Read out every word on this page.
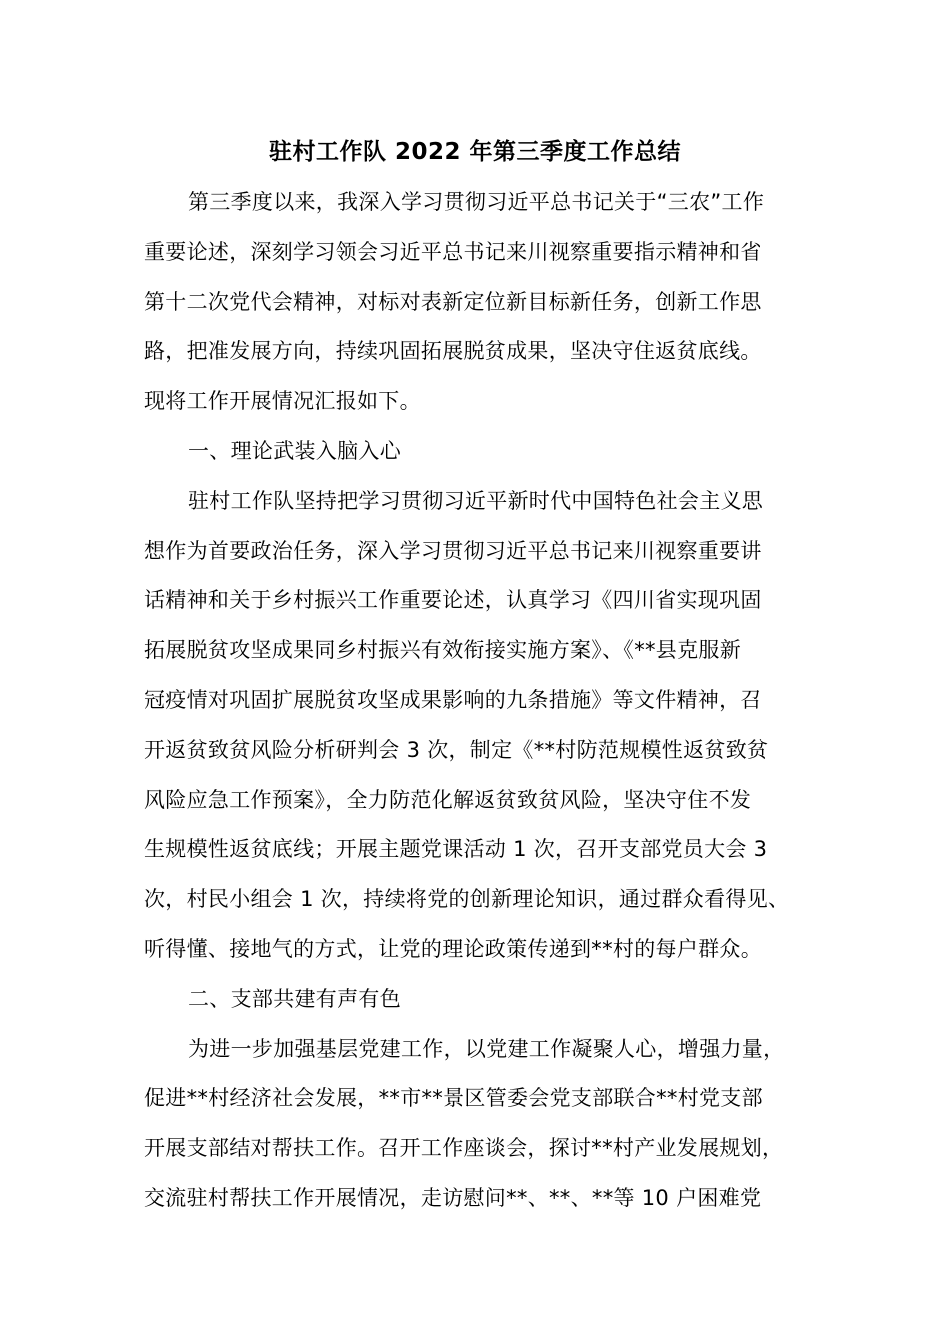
驻村工作队 2022 年第三季度工作总结
第三季度以来，我深入学习贯彻习近平总书记关于“三农”工作
重要论述，深刻学习领会习近平总书记来川视察重要指示精神和省
第十二次党代会精神，对标对表新定位新目标新任务，创新工作思
路，把准发展方向，持续巩固拓展脱贫成果，坚决守住返贫底线。
现将工作开展情况汇报如下。
一、理论武装入脑入心
驻村工作队坚持把学习贯彻习近平新时代中国特色社会主义思
想作为首要政治任务，深入学习贯彻习近平总书记来川视察重要讲
话精神和关于乡村振兴工作重要论述，认真学习《四川省实现巩固
拓展脱贫攻坚成果同乡村振兴有效衔接实施方案》、《**县克服新
冠疫情对巩固扩展脱贫攻坚成果影响的九条措施》等文件精神，召
开返贫致贫风险分析研判会 3 次，制定《**村防范规模性返贫致贫
风险应急工作预案》，全力防范化解返贫致贫风险，坚决守住不发
生规模性返贫底线；开展主题党课活动 1 次，召开支部党员大会 3
次，村民小组会 1 次，持续将党的创新理论知识，通过群众看得见、
听得懂、接地气的方式，让党的理论政策传递到**村的每户群众。
二、支部共建有声有色
为进一步加强基层党建工作，以党建工作凝聚人心，增强力量，
促进**村经济社会发展，**市**景区管委会党支部联合**村党支部
开展支部结对帮扶工作。召开工作座谈会，探讨**村产业发展规划，
交流驻村帮扶工作开展情况，走访慰问**、**、**等 10 户困难党
